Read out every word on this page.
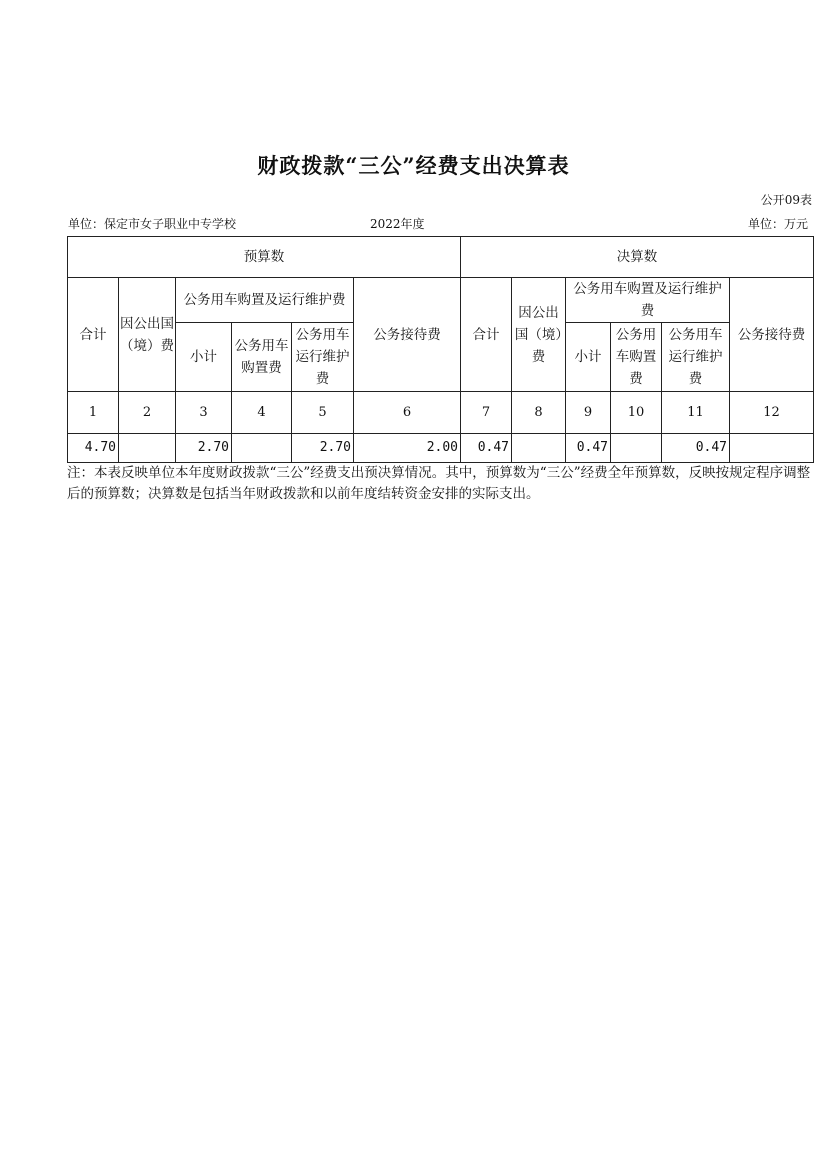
财政拨款“三公”经费支出决算表
公开09表
单位：保定市女子职业中专学校	2022年度	单位：万元
预算数						决算数					
合计	因公出国（境）费	公务用车购置及运行维护费			公务接待费	合计	因公出国（境）费	公务用车购置及运行维护费			公务接待费
		小计	公务用车购置费	公务用车运行维护费				小计	公务用车购置费	公务用车运行维护费	
1	2	3	4	5	6	7	8	9	10	11	12
4.70		2.70		2.70	2.00	0.47		0.47		0.47	
注：本表反映单位本年度财政拨款“三公”经费支出预决算情况。其中，预算数为“三公”经费全年预算数，反映按规定程序调整后的预算数；决算数是包括当年财政拨款和以前年度结转资金安排的实际支出。
